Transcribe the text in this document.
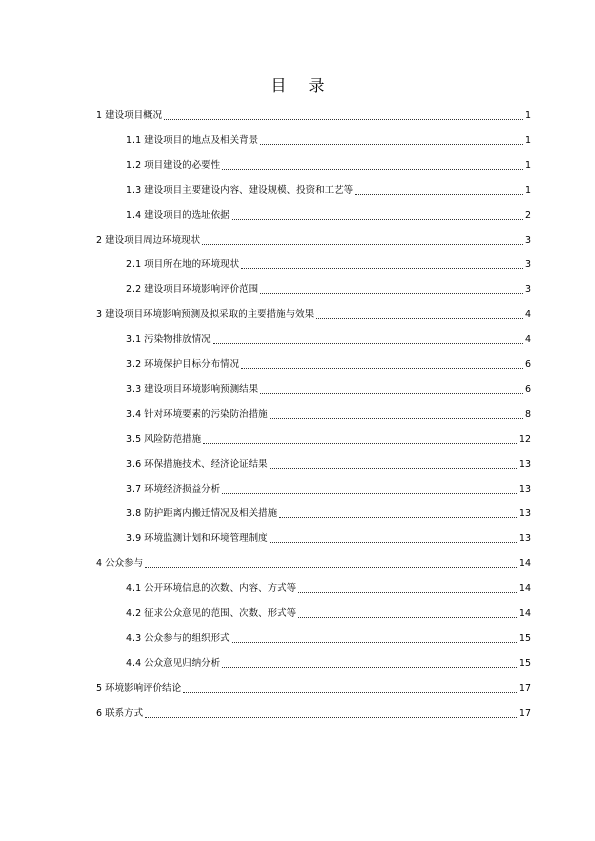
目录
1 建设项目概况	1
1.1 建设项目的地点及相关背景	1
1.2 项目建设的必要性	1
1.3 建设项目主要建设内容、建设规模、投资和工艺等	1
1.4 建设项目的选址依据	2
2 建设项目周边环境现状	3
2.1 项目所在地的环境现状	3
2.2 建设项目环境影响评价范围	3
3 建设项目环境影响预测及拟采取的主要措施与效果	4
3.1 污染物排放情况	4
3.2 环境保护目标分布情况	6
3.3 建设项目环境影响预测结果	6
3.4 针对环境要素的污染防治措施	8
3.5 风险防范措施	12
3.6 环保措施技术、经济论证结果	13
3.7 环境经济损益分析	13
3.8 防护距离内搬迁情况及相关措施	13
3.9 环境监测计划和环境管理制度	13
4 公众参与	14
4.1 公开环境信息的次数、内容、方式等	14
4.2 征求公众意见的范围、次数、形式等	14
4.3 公众参与的组织形式	15
4.4 公众意见归纳分析	15
5 环境影响评价结论	17
6 联系方式	17
